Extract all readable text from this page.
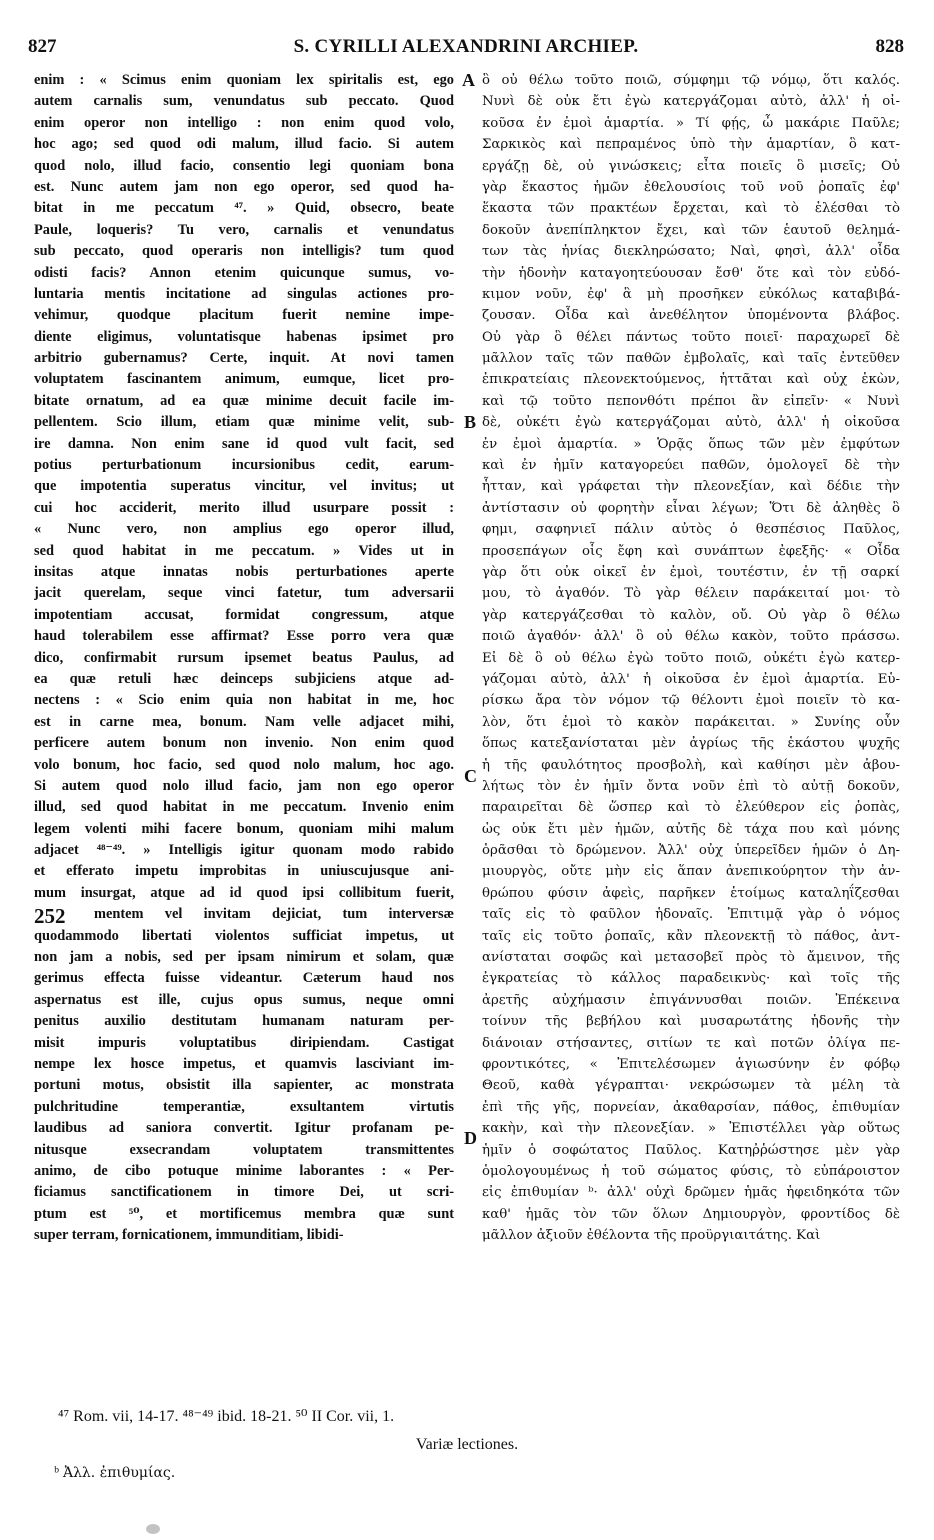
827	S. CYRILLI ALEXANDRINI ARCHIEP.	828
enim : « Scimus enim quoniam lex spiritalis est, ego
autem carnalis sum, venundatus sub peccato. Quod
enim operor non intelligo : non enim quod volo,
hoc ago; sed quod odi malum, illud facio. Si autem
quod nolo, illud facio, consentio legi quoniam bona
est. Nunc autem jam non ego operor, sed quod ha-
bitat in me peccatum ⁴⁷. » Quid, obsecro, beate
Paule, loqueris? Tu vero, carnalis et venundatus
sub peccato, quod operaris non intelligis? tum quod
odisti facis? Annon etenim quicunque sumus, vo-
luntaria mentis incitatione ad singulas actiones pro-
vehimur, quodque placitum fuerit nemine impe-
diente eligimus, voluntatisque habenas ipsimet pro
arbitrio gubernamus? Certe, inquit. At novi tamen
voluptatem fascinantem animum, eumque, licet pro-
bitate ornatum, ad ea quæ minime decuit facile im-
pellentem. Scio illum, etiam quæ minime velit, sub-
ire damna. Non enim sane id quod vult facit, sed
potius perturbationum incursionibus cedit, earum-
que impotentia superatus vincitur, vel invitus; ut
cui hoc acciderit, merito illud usurpare possit :
« Nunc vero, non amplius ego operor illud,
sed quod habitat in me peccatum. » Vides ut in
insitas atque innatas nobis perturbationes aperte
jacit querelam, seque vinci fatetur, tum adversarii
impotentiam accusat, formidat congressum, atque
haud tolerabilem esse affirmat? Esse porro vera quæ
dico, confirmabit rursum ipsemet beatus Paulus, ad
ea quæ retuli hæc deinceps subjiciens atque ad-
nectens : « Scio enim quia non habitat in me, hoc
est in carne mea, bonum. Nam velle adjacet mihi,
perficere autem bonum non invenio. Non enim quod
volo bonum, hoc facio, sed quod nolo malum, hoc ago.
Si autem quod nolo illud facio, jam non ego operor
illud, sed quod habitat in me peccatum. Invenio enim
legem volenti mihi facere bonum, quoniam mihi malum
adjacet ⁴⁸⁻⁴⁹. » Intelligis igitur quonam modo rabido
et efferato impetu improbitas in uniuscujusque ani-
mum insurgat, atque ad id quod ipsi collibitum fuerit,
mentem vel invitam dejiciat, tum interversæ
quodammodo libertati violentos sufficiat impetus, ut
non jam a nobis, sed per ipsam nimirum et solam, quæ
gerimus effecta fuisse videantur. Cæterum haud nos
aspernatus est ille, cujus opus sumus, neque omni
penitus auxilio destitutam humanam naturam per-
misit impuris voluptatibus diripiendam. Castigat
nempe lex hosce impetus, et quamvis lasciviant im-
portuni motus, obsistit illa sapienter, ac monstrata
pulchritudine temperantiæ, exsultantem virtutis
laudibus ad saniora convertit. Igitur profanam pe-
nitusque exsecrandam voluptatem transmittentes
animo, de cibo potuque minime laborantes : « Per-
ficiamus sanctificationem in timore Dei, ut scri-
ptum est ⁵⁰, et mortificemus membra quæ sunt
super terram, fornicationem, immunditiam, libidi-
ὃ οὐ θέλω τοῦτο ποιῶ, σύμφημι τῷ νόμῳ, ὅτι καλός.
Νυνὶ δὲ οὐκ ἔτι ἐγὼ κατεργάζομαι αὐτὸ, ἀλλ' ἡ οἰ-
κοῦσα ἐν ἐμοὶ ἁμαρτία. » Τί φῄς, ὦ μακάριε Παῦλε;
Σαρκικὸς καὶ πεπραμένος ὑπὸ τὴν ἁμαρτίαν, ὃ κατ-
εργάζῃ δὲ, οὐ γινώσκεις; εἶτα ποιεῖς ὃ μισεῖς; Οὐ
γὰρ ἕκαστος ἡμῶν ἐθελουσίοις τοῦ νοῦ ῥοπαῖς ἐφ'
ἕκαστα τῶν πρακτέων ἔρχεται, καὶ τὸ ἑλέσθαι τὸ
δοκοῦν ἀνεπίπληκτον ἔχει, καὶ τῶν ἑαυτοῦ θελημά-
των τὰς ἡνίας διεκληρώσατο; Ναὶ, φησὶ, ἀλλ' οἶδα
τὴν ἡδονὴν καταγοητεύουσαν ἔσθ' ὅτε καὶ τὸν εὐδό-
κιμον νοῦν, ἐφ' ἃ μὴ προσῆκεν εὐκόλως καταβιβά-
ζουσαν. Οἶδα καὶ ἀνεθέλητον ὑπομένοντα βλάβος.
Οὐ γὰρ ὃ θέλει πάντως τοῦτο ποιεῖ· παραχωρεῖ δὲ
μᾶλλον ταῖς τῶν παθῶν ἐμβολαῖς, καὶ ταῖς ἐντεῦθεν
ἐπικρατείαις πλεονεκτούμενος, ἡττᾶται καὶ οὐχ ἑκὼν,
καὶ τῷ τοῦτο πεπονθότι πρέποι ἂν εἰπεῖν· « Νυνὶ
δὲ, οὐκέτι ἐγὼ κατεργάζομαι αὐτὸ, ἀλλ' ἡ οἰκοῦσα
ἐν ἐμοὶ ἁμαρτία. » Ὁρᾷς ὅπως τῶν μὲν ἐμφύτων
καὶ ἐν ἡμῖν καταγορεύει παθῶν, ὁμολογεῖ δὲ τὴν
ἧτταν, καὶ γράφεται τὴν πλεονεξίαν, καὶ δέδιε τὴν
ἀντίστασιν οὐ φορητὴν εἶναι λέγων; Ὅτι δὲ ἀληθὲς ὃ
φημι, σαφηνιεῖ πάλιν αὐτὸς ὁ θεσπέσιος Παῦλος,
προσεπάγων οἷς ἔφη καὶ συνάπτων ἐφεξῆς· « Οἶδα
γὰρ ὅτι οὐκ οἰκεῖ ἐν ἐμοὶ, τουτέστιν, ἐν τῇ σαρκί
μου, τὸ ἀγαθόν. Τὸ γὰρ θέλειν παράκειταί μοι· τὸ
γὰρ κατεργάζεσθαι τὸ καλὸν, οὔ. Οὐ γὰρ ὃ θέλω
ποιῶ ἀγαθόν· ἀλλ' ὃ οὐ θέλω κακὸν, τοῦτο πράσσω.
Εἰ δὲ ὃ οὐ θέλω ἐγὼ τοῦτο ποιῶ, οὐκέτι ἐγὼ κατερ-
γάζομαι αὐτὸ, ἀλλ' ἡ οἰκοῦσα ἐν ἐμοὶ ἁμαρτία. Εὑ-
ρίσκω ἄρα τὸν νόμον τῷ θέλοντι ἐμοὶ ποιεῖν τὸ κα-
λὸν, ὅτι ἐμοὶ τὸ κακὸν παράκειται. » Συνίης οὖν
ὅπως κατεξανίσταται μὲν ἀγρίως τῆς ἑκάστου ψυχῆς
ἡ τῆς φαυλότητος προσβολὴ, καὶ καθίησι μὲν ἀβου-
λήτως τὸν ἐν ἡμῖν ὄντα νοῦν ἐπὶ τὸ αὐτῇ δοκοῦν,
παραιρεῖται δὲ ὥσπερ καὶ τὸ ἐλεύθερον εἰς ῥοπὰς,
ὡς οὐκ ἔτι μὲν ἡμῶν, αὐτῆς δὲ τάχα που καὶ μόνης
ὁρᾶσθαι τὸ δρώμενον. Ἀλλ' οὐχ ὑπερεῖδεν ἡμῶν ὁ Δη-
μιουργὸς, οὔτε μὴν εἰς ἅπαν ἀνεπικούρητον τὴν ἀν-
θρώπου φύσιν ἀφεὶς, παρῆκεν ἑτοίμως καταληΐζεσθαι
ταῖς εἰς τὸ φαῦλον ἡδοναῖς. Ἐπιτιμᾷ γὰρ ὁ νόμος
ταῖς εἰς τοῦτο ῥοπαῖς, κἂν πλεονεκτῇ τὸ πάθος, ἀντ-
ανίσταται σοφῶς καὶ μετασοβεῖ πρὸς τὸ ἄμεινον, τῆς
ἐγκρατείας τὸ κάλλος παραδεικνὺς· καὶ τοῖς τῆς
ἀρετῆς αὐχήμασιν ἐπιγάννυσθαι ποιῶν. Ἐπέκεινα
τοίνυν τῆς βεβήλου καὶ μυσαρωτάτης ἡδονῆς τὴν
διάνοιαν στήσαντες, σιτίων τε καὶ ποτῶν ὀλίγα πε-
φροντικότες, « Ἐπιτελέσωμεν ἁγιωσύνην ἐν φόβῳ
Θεοῦ, καθὰ γέγραπται· νεκρώσωμεν τὰ μέλη τὰ
ἐπὶ τῆς γῆς, πορνείαν, ἀκαθαρσίαν, πάθος, ἐπιθυμίαν
κακὴν, καὶ τὴν πλεονεξίαν. » Ἐπιστέλλει γὰρ οὕτως
ἡμῖν ὁ σοφώτατος Παῦλος. Κατηῤῥώστησε μὲν γὰρ
ὁμολογουμένως ἡ τοῦ σώματος φύσις, τὸ εὐπάροιστον
εἰς ἐπιθυμίαν ᵇ· ἀλλ' οὐχὶ δρῶμεν ἡμᾶς ἡφειδηκότα τῶν
καθ' ἡμᾶς τὸν τῶν ὅλων Δημιουργὸν, φροντίδος δὲ
μᾶλλον ἀξιοῦν ἐθέλοντα τῆς προϋργιαιτάτης. Καὶ
A
B
C
D
252
⁴⁷ Rom. vii, 14-17. ⁴⁸⁻⁴⁹ ibid. 18-21. ⁵⁰ II Cor. vii, 1.
Variæ lectiones.
ᵇ Ἀλλ. ἐπιθυμίας.
